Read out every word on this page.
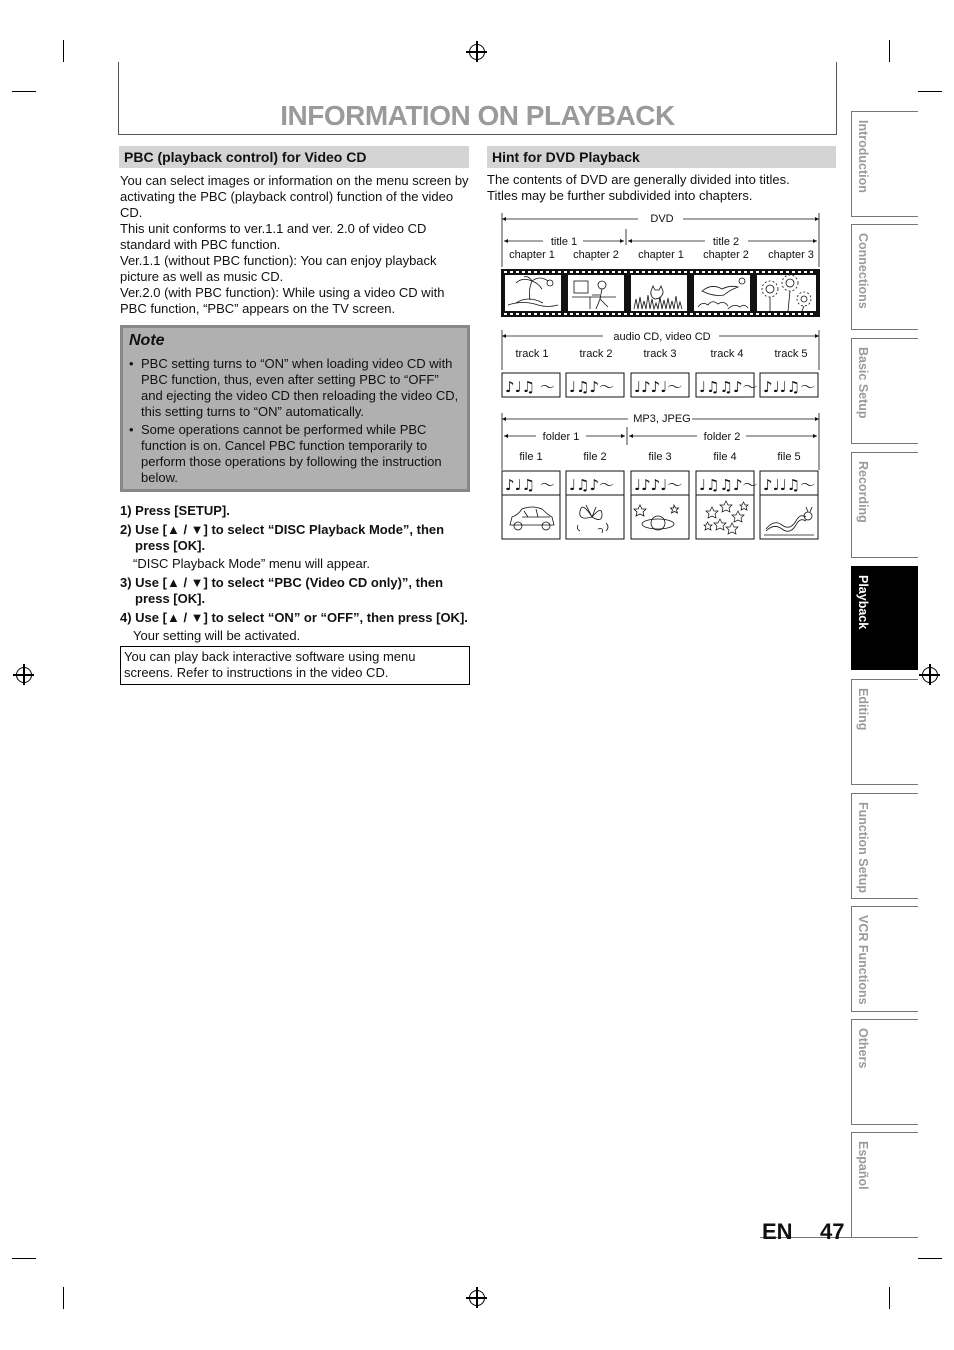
INFORMATION ON PLAYBACK
PBC (playback control) for Video CD

You can select images or information on the menu screen by activating the PBC (playback control) function of the video CD.

This unit conforms to ver.1.1 and ver. 2.0 of video CD standard with PBC function.

Ver.1.1 (without PBC function): You can enjoy playback picture as well as music CD.

Ver.2.0 (with PBC function): While using a video CD with PBC function, “PBC” appears on the TV screen.

Note
• PBC setting turns to “ON” when loading video CD with PBC function, thus, even after setting PBC to “OFF” and ejecting the video CD then reloading the video CD, this setting turns to “ON” automatically.
• Some operations cannot be performed while PBC function is on. Cancel PBC function temporarily to perform those operations by following the instruction below.
1) Press [SETUP].
2) Use [▲ / ▼] to select “DISC Playback Mode”, then press [OK].
“DISC Playback Mode” menu will appear.
3) Use [▲ / ▼] to select “PBC (Video CD only)”, then press [OK].
4) Use [▲ / ▼] to select “ON” or “OFF”, then press [OK].
Your setting will be activated.
You can play back interactive software using menu screens. Refer to instructions in the video CD.
Hint for DVD Playback
The contents of DVD are generally divided into titles. Titles may be further subdivided into chapters.
DVD
title 1	title 2
chapter 1 chapter 2 chapter 1 chapter 2 chapter 3
audio CD, video CD
track 1	track 2	track 3	track 4	track 5
♪♩♫ ～ ♩♫♪～ ♩♪♪♩～ ♩♫♫♪～ ♪♩♩♫～
MP3, JPEG
folder 1	folder 2
file 1	file 2	file 3	file 4	file 5
♪♩♫ ～ ♩♫♪～ ♩♪♪♩～ ♩♫♫♪～ ♪♩♩♫～
Introduction
Connections
Basic Setup
Recording
Playback
Editing
Function Setup
VCR Functions
Others
Español
EN 47
